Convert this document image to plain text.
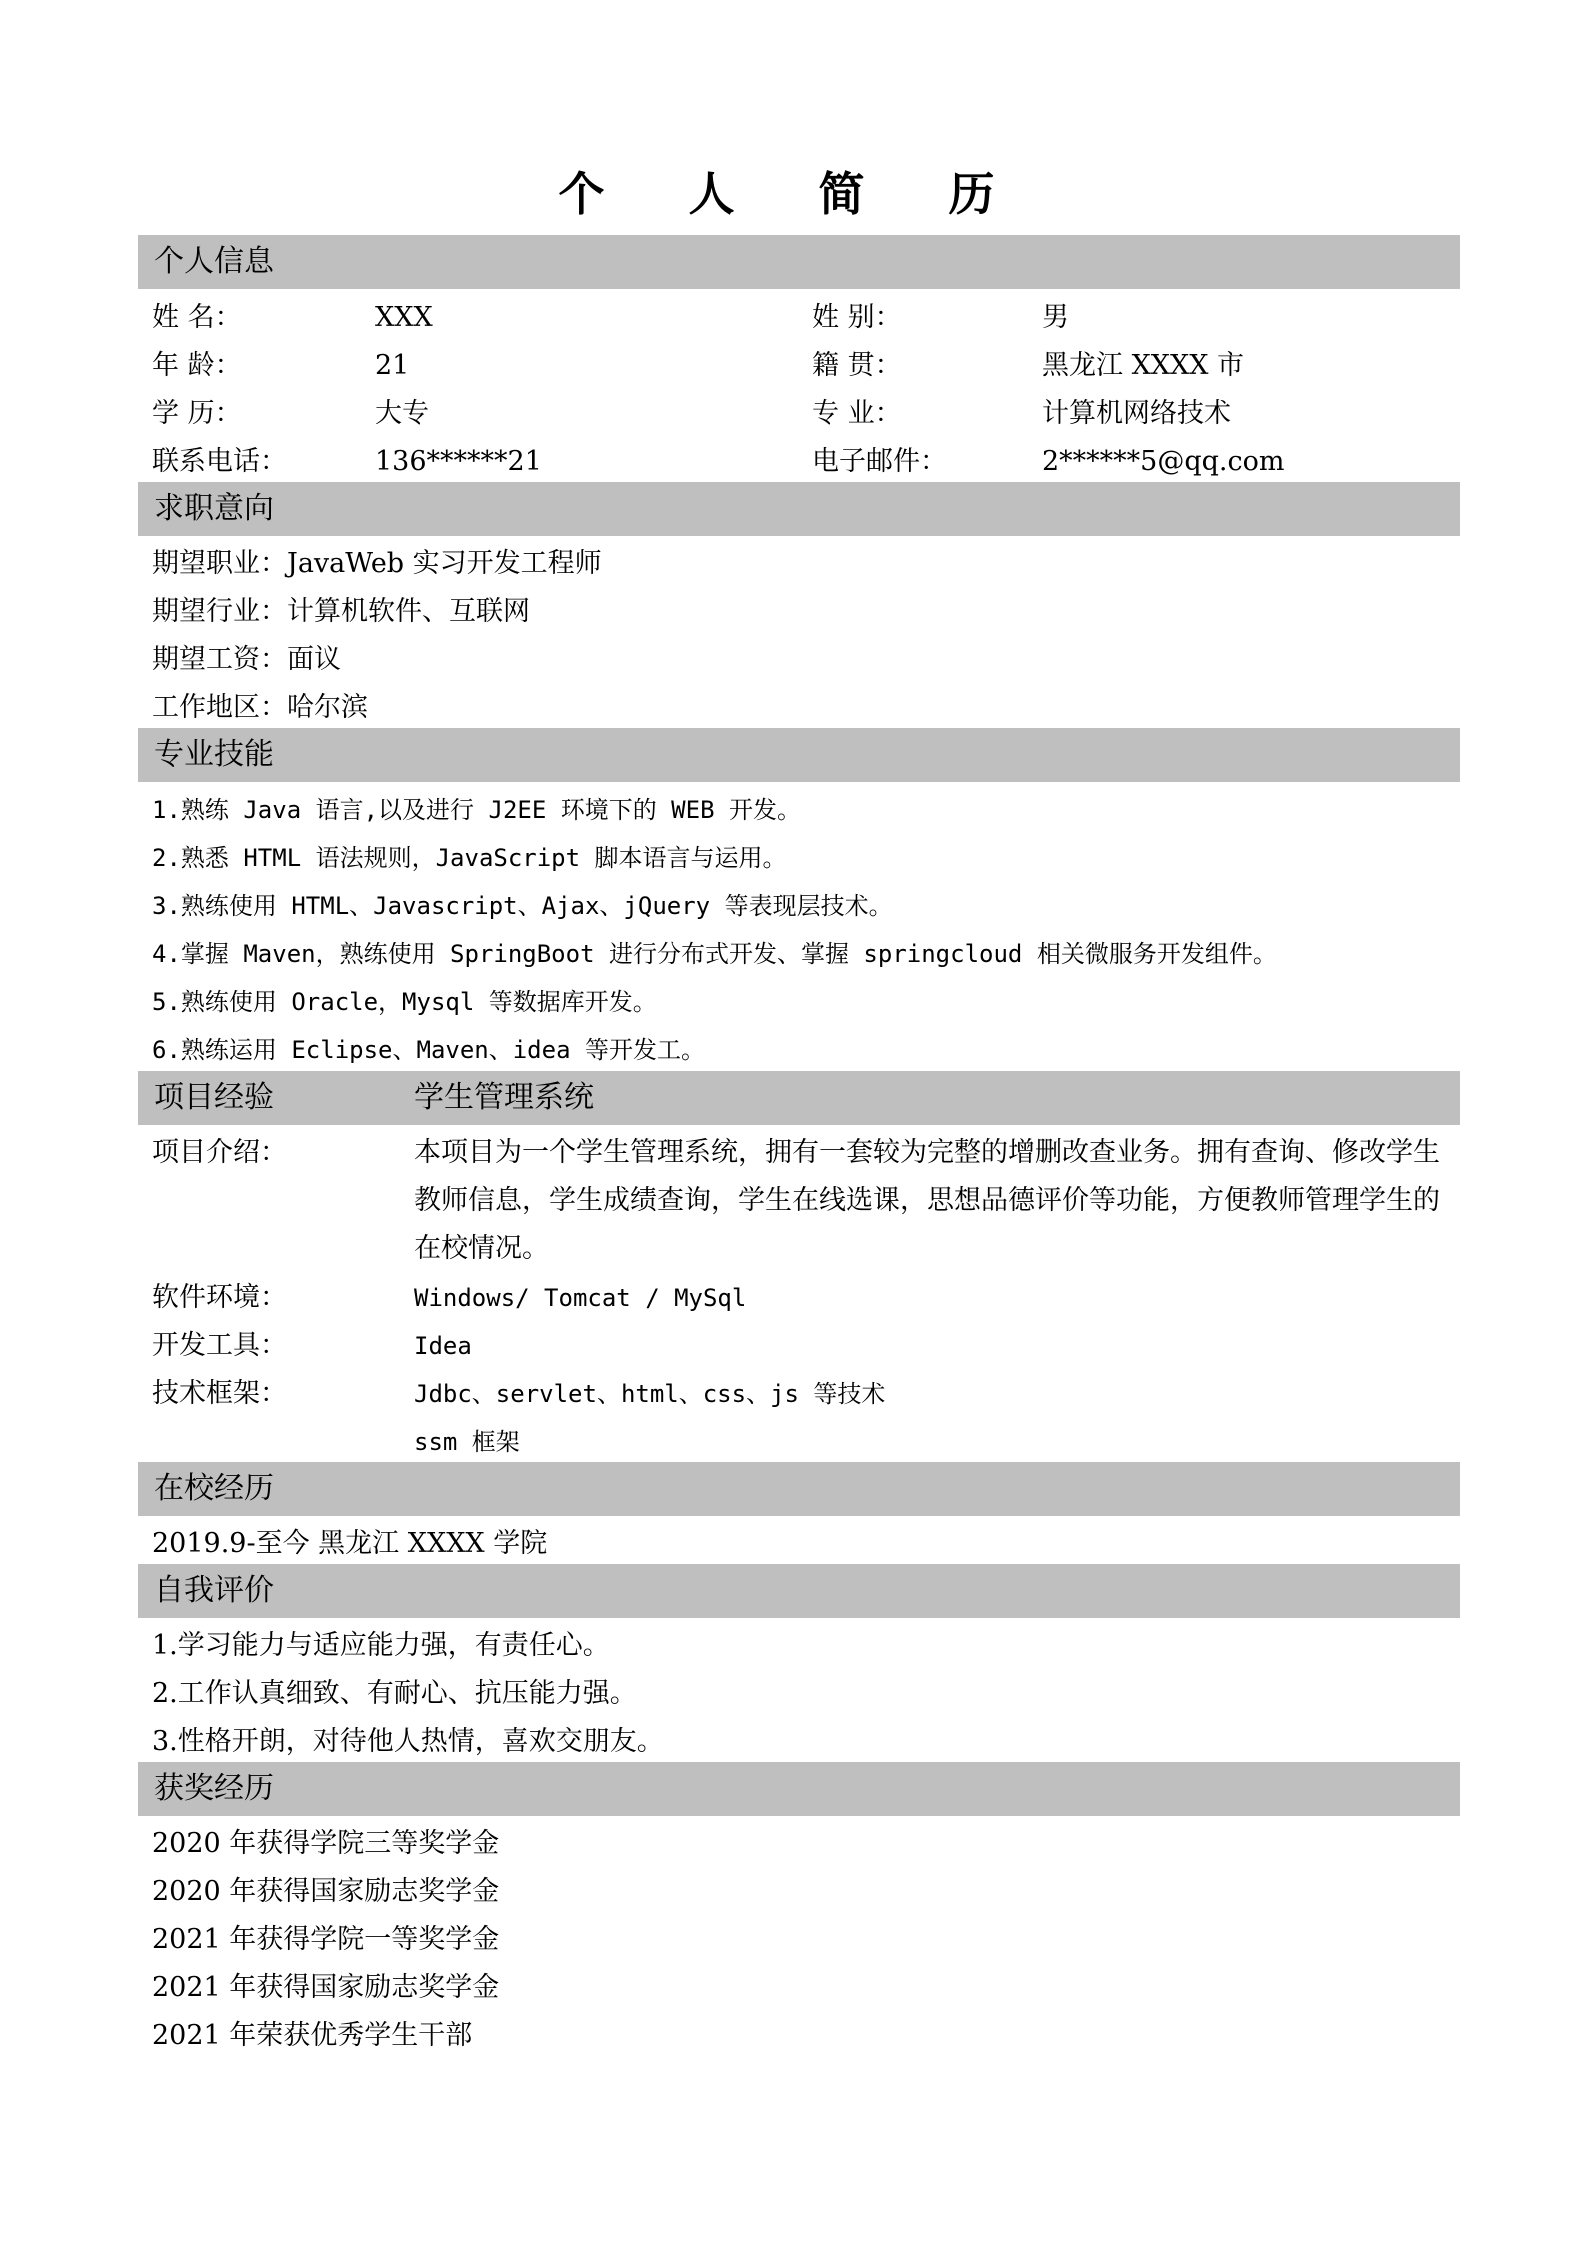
个 人 简 历
个人信息
姓 名：	XXX	姓 别：	男
年 龄：	21	籍 贯：	黑龙江 XXXX 市
学 历：	大专	专 业：	计算机网络技术
联系电话：	136******21	电子邮件：	2******5@qq.com
求职意向
期望职业：JavaWeb 实习开发工程师
期望行业：计算机软件、互联网
期望工资：面议
工作地区：哈尔滨
专业技能
1.熟练 Java 语言,以及进行 J2EE 环境下的 WEB 开发。
2.熟悉 HTML 语法规则，JavaScript 脚本语言与运用。
3.熟练使用 HTML、Javascript、Ajax、jQuery 等表现层技术。
4.掌握 Maven，熟练使用 SpringBoot 进行分布式开发、掌握 springcloud 相关微服务开发组件。
5.熟练使用 Oracle，Mysql 等数据库开发。
6.熟练运用 Eclipse、Maven、idea 等开发工。
项目经验	学生管理系统
项目介绍：	本项目为一个学生管理系统，拥有一套较为完整的增删改查业务。拥有查询、修改学生教师信息，学生成绩查询，学生在线选课，思想品德评价等功能，方便教师管理学生的在校情况。
软件环境：	Windows/ Tomcat / MySql
开发工具：	Idea
技术框架：	Jdbc、servlet、html、css、js 等技术
ssm 框架
在校经历
2019.9-至今 黑龙江 XXXX 学院
自我评价
1.学习能力与适应能力强，有责任心。
2.工作认真细致、有耐心、抗压能力强。
3.性格开朗，对待他人热情，喜欢交朋友。
获奖经历
2020 年获得学院三等奖学金
2020 年获得国家励志奖学金
2021 年获得学院一等奖学金
2021 年获得国家励志奖学金
2021 年荣获优秀学生干部
